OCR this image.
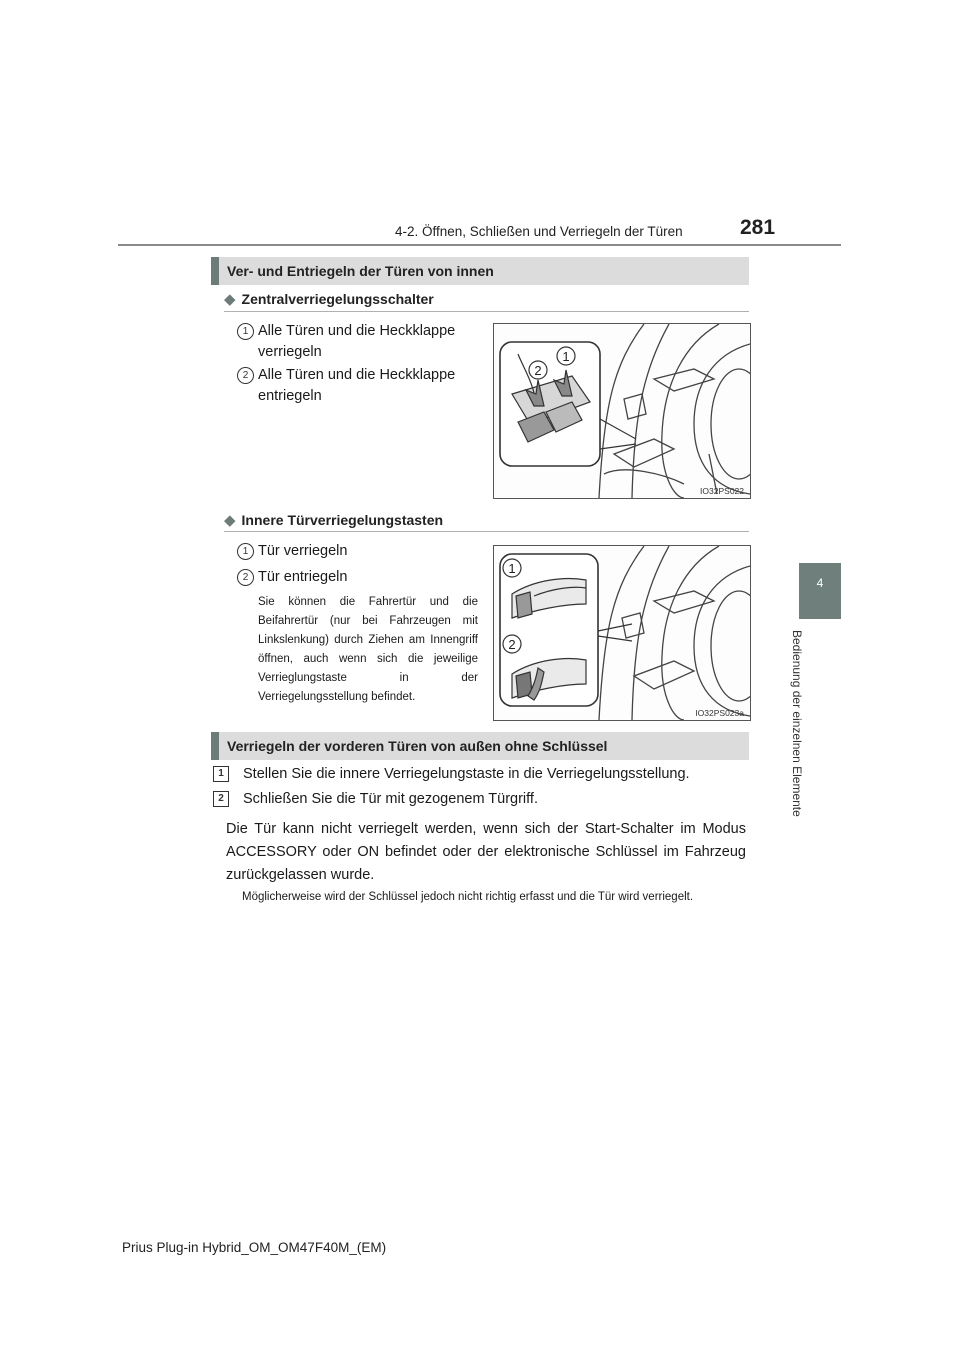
4-2. Öffnen, Schließen und Verriegeln der Türen	281
4
Bedienung der einzelnen Elemente
Ver- und Entriegeln der Türen von innen
◆ Zentralverriegelungsschalter
1 Alle Türen und die Heckklappe verriegeln
2 Alle Türen und die Heckklappe entriegeln
1
2
IO32PS022
◆ Innere Türverriegelungstasten
1 Tür verriegeln
2 Tür entriegeln
Sie können die Fahrertür und die Beifahrertür (nur bei Fahrzeugen mit Linkslenkung) durch Ziehen am Innengriff öffnen, auch wenn sich die jeweilige Verrieglungstaste in der Verriegelungsstellung befindet.
1
2
IO32PS023a
Verriegeln der vorderen Türen von außen ohne Schlüssel
1	Stellen Sie die innere Verriegelungstaste in die Verriegelungsstellung.
2	Schließen Sie die Tür mit gezogenem Türgriff.
Die Tür kann nicht verriegelt werden, wenn sich der Start-Schalter im Modus ACCESSORY oder ON befindet oder der elektronische Schlüssel im Fahrzeug zurückgelassen wurde.
Möglicherweise wird der Schlüssel jedoch nicht richtig erfasst und die Tür wird verriegelt.
Prius Plug-in Hybrid_OM_OM47F40M_(EM)
